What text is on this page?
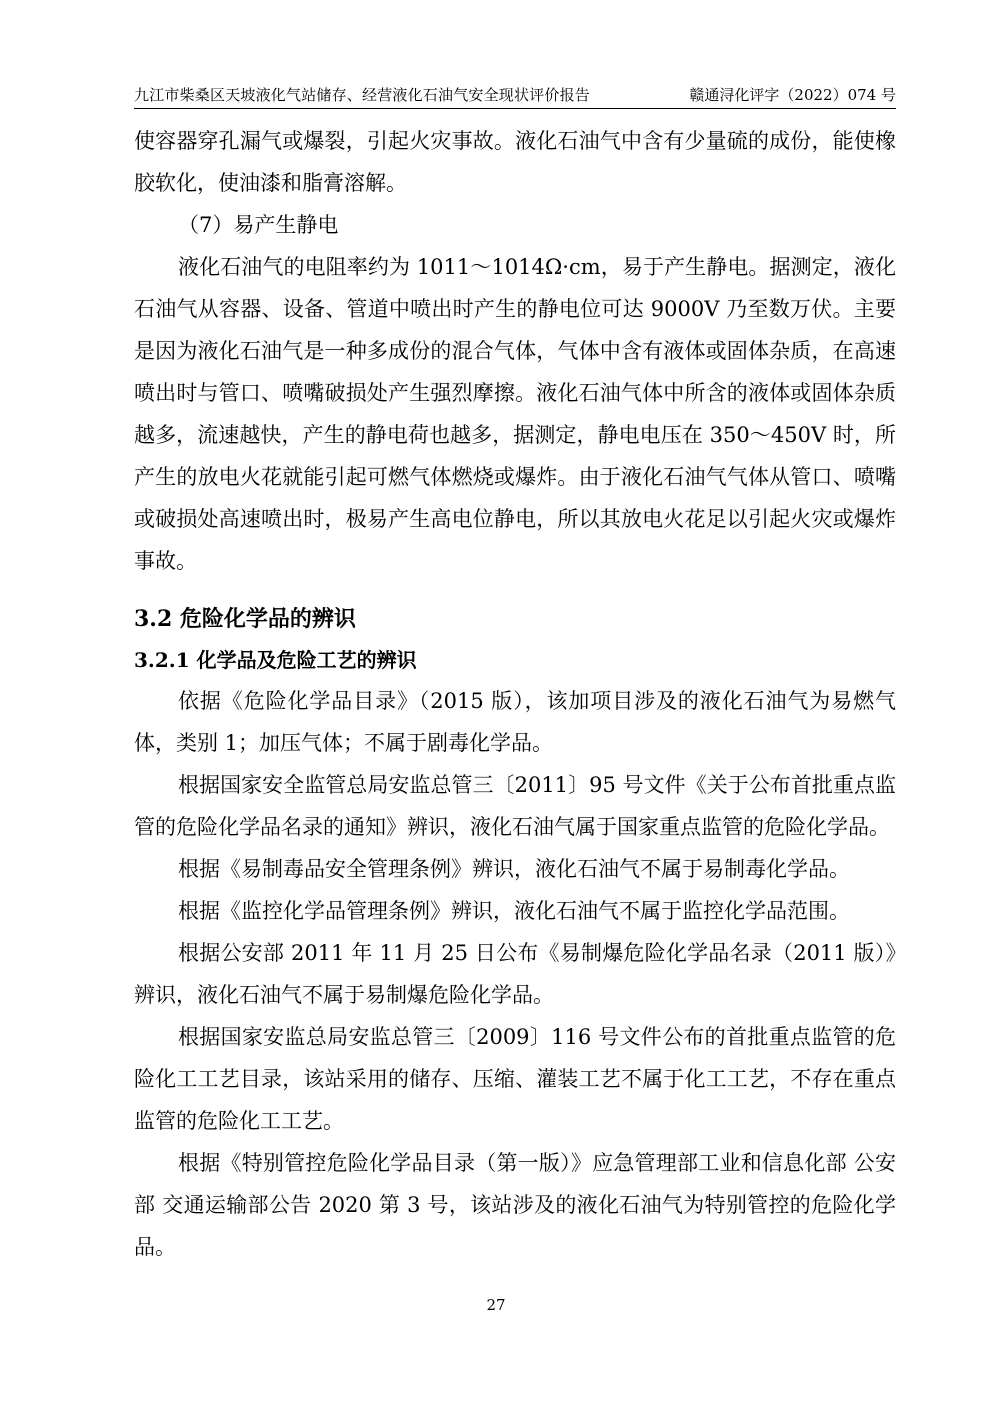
九江市柴桑区天坡液化气站储存、经营液化石油气安全现状评价报告	赣通浔化评字（2022）074 号

使容器穿孔漏气或爆裂，引起火灾事故。液化石油气中含有少量硫的成份，能使橡胶软化，使油漆和脂膏溶解。

（7）易产生静电

液化石油气的电阻率约为 1011～1014Ω·cm，易于产生静电。据测定，液化石油气从容器、设备、管道中喷出时产生的静电位可达 9000V 乃至数万伏。主要是因为液化石油气是一种多成份的混合气体，气体中含有液体或固体杂质，在高速喷出时与管口、喷嘴破损处产生强烈摩擦。液化石油气体中所含的液体或固体杂质越多，流速越快，产生的静电荷也越多，据测定，静电电压在 350～450V 时，所产生的放电火花就能引起可燃气体燃烧或爆炸。由于液化石油气气体从管口、喷嘴或破损处高速喷出时，极易产生高电位静电，所以其放电火花足以引起火灾或爆炸事故。

3.2 危险化学品的辨识
3.2.1 化学品及危险工艺的辨识

依据《危险化学品目录》（2015 版），该加项目涉及的液化石油气为易燃气体，类别 1；加压气体；不属于剧毒化学品。

根据国家安全监管总局安监总管三〔2011〕95 号文件《关于公布首批重点监管的危险化学品名录的通知》辨识，液化石油气属于国家重点监管的危险化学品。

根据《易制毒品安全管理条例》辨识，液化石油气不属于易制毒化学品。

根据《监控化学品管理条例》辨识，液化石油气不属于监控化学品范围。

根据公安部 2011 年 11 月 25 日公布《易制爆危险化学品名录（2011 版）》辨识，液化石油气不属于易制爆危险化学品。

根据国家安监总局安监总管三〔2009〕116 号文件公布的首批重点监管的危险化工工艺目录，该站采用的储存、压缩、灌装工艺不属于化工工艺，不存在重点监管的危险化工工艺。

根据《特别管控危险化学品目录（第一版）》应急管理部工业和信息化部 公安部 交通运输部公告 2020 第 3 号，该站涉及的液化石油气为特别管控的危险化学品。

27
